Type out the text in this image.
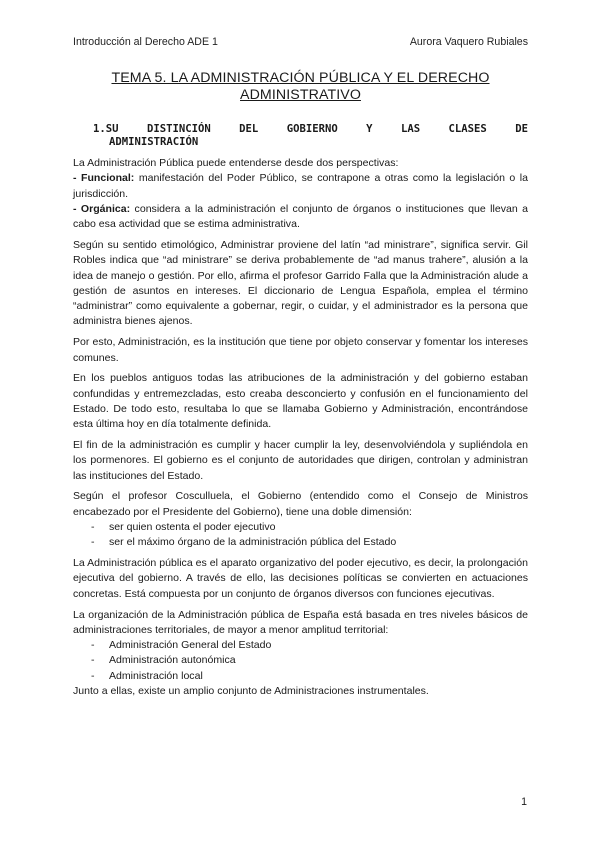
Introducción al Derecho ADE 1	Aurora Vaquero Rubiales
TEMA 5. LA ADMINISTRACIÓN PÚBLICA Y EL DERECHO
ADMINISTRATIVO
1.SU DISTINCIÓN DEL GOBIERNO Y LAS CLASES DE
ADMINISTRACIÓN

La Administración Pública puede entenderse desde dos perspectivas:

- Funcional: manifestación del Poder Público, se contrapone a otras como la legislación o la jurisdicción.

- Orgánica: considera a la administración el conjunto de órganos o instituciones que llevan a cabo esa actividad que se estima administrativa.

Según su sentido etimológico, Administrar proviene del latín “ad ministrare”, significa servir. Gil Robles indica que “ad ministrare” se deriva probablemente de “ad manus trahere”, alusión a la idea de manejo o gestión. Por ello, afirma el profesor Garrido Falla que la Administración alude a gestión de asuntos en intereses. El diccionario de Lengua Española, emplea el término “administrar” como equivalente a gobernar, regir, o cuidar, y el administrador es la persona que administra bienes ajenos.

Por esto, Administración, es la institución que tiene por objeto conservar y fomentar los intereses comunes.

En los pueblos antiguos todas las atribuciones de la administración y del gobierno estaban confundidas y entremezcladas, esto creaba desconcierto y confusión en el funcionamiento del Estado. De todo esto, resultaba lo que se llamaba Gobierno y Administración, encontrándose esta última hoy en día totalmente definida.

El fin de la administración es cumplir y hacer cumplir la ley, desenvolviéndola y supliéndola en los pormenores. El gobierno es el conjunto de autoridades que dirigen, controlan y administran las instituciones del Estado.

Según el profesor Cosculluela, el Gobierno (entendido como el Consejo de Ministros encabezado por el Presidente del Gobierno), tiene una doble dimensión:

- ser quien ostenta el poder ejecutivo
- ser el máximo órgano de la administración pública del Estado

La Administración pública es el aparato organizativo del poder ejecutivo, es decir, la prolongación ejecutiva del gobierno. A través de ello, las decisiones políticas se convierten en actuaciones concretas. Está compuesta por un conjunto de órganos diversos con funciones ejecutivas.

La organización de la Administración pública de España está basada en tres niveles básicos de administraciones territoriales, de mayor a menor amplitud territorial:

- Administración General del Estado
- Administración autonómica
- Administración local

Junto a ellas, existe un amplio conjunto de Administraciones instrumentales.

1
